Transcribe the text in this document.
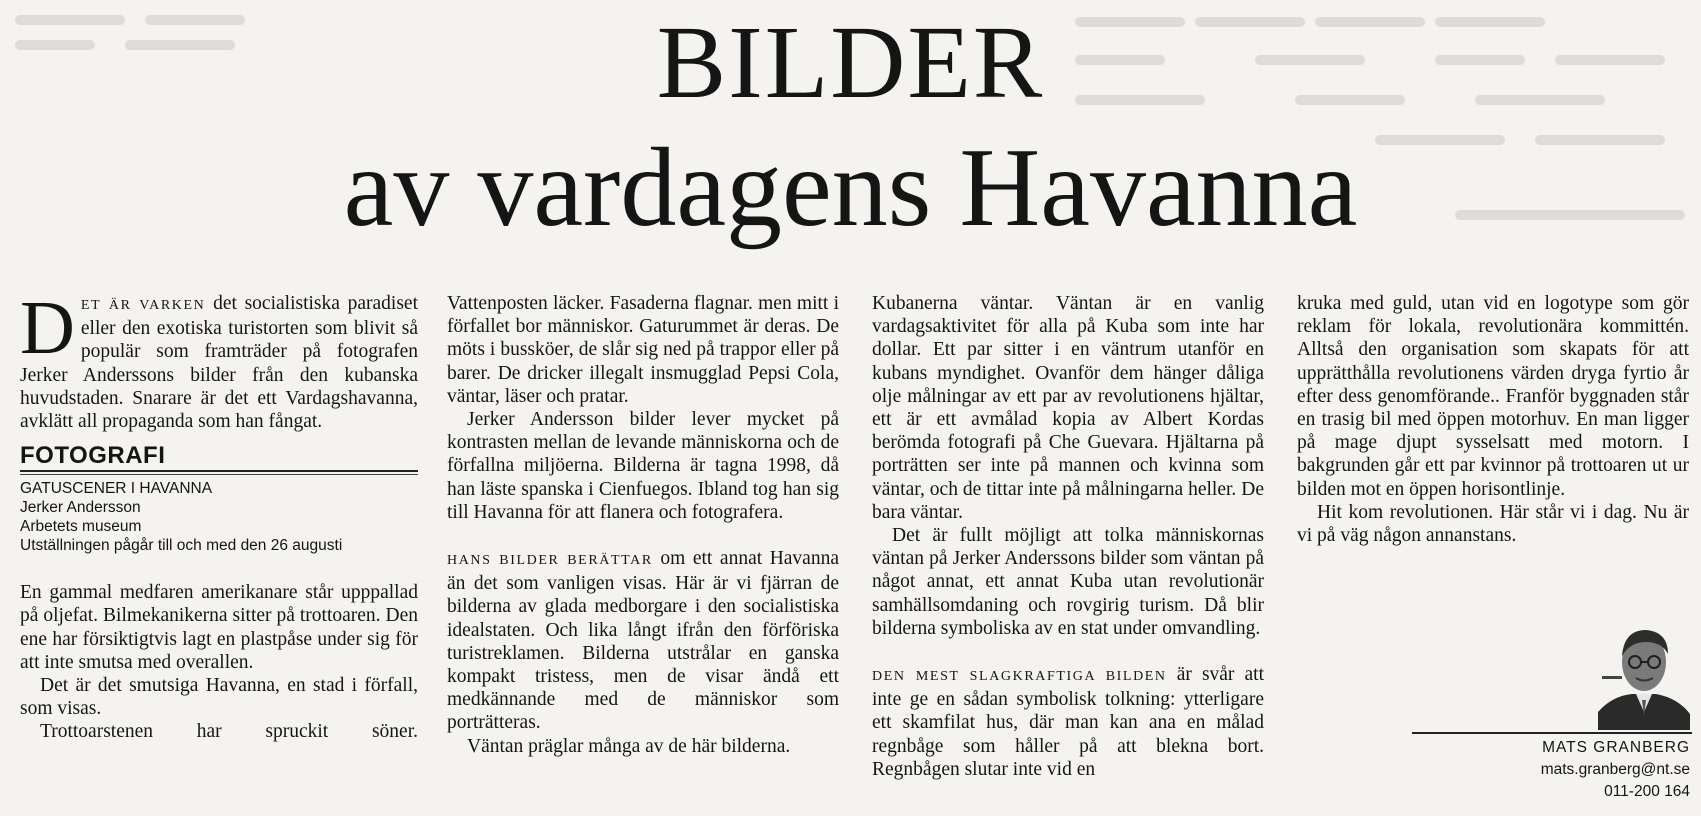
BILDER
av vardagens Havanna

DET ÄR VARKEN det socialistiska paradiset eller den exotiska turistorten som blivit så populär som framträder på fotografen Jerker Anderssons bilder från den kubanska huvudstaden. Snarare är det ett Vardagshavanna, avklätt all propaganda som han fångat.

FOTOGRAFI

GATUSCENER I HAVANNA
Jerker Andersson
Arbetets museum
Utställningen pågår till och med den 26 augusti

En gammal medfaren amerikanare står upppallad på oljefat. Bilmekanikerna sitter på trottoaren. Den ene har försiktigtvis lagt en plastpåse under sig för att inte smutsa med overallen.

Det är det smutsiga Havanna, en stad i förfall, som visas.

Trottoarstenen har spruckit söner.

Vattenposten läcker. Fasaderna flagnar. men mitt i förfallet bor människor. Gaturummet är deras. De möts i bussköer, de slår sig ned på trappor eller på barer. De dricker illegalt insmugglad Pepsi Cola, väntar, läser och pratar.

Jerker Andersson bilder lever mycket på kontrasten mellan de levande människorna och de förfallna miljöerna. Bilderna är tagna 1998, då han läste spanska i Cienfuegos. Ibland tog han sig till Havanna för att flanera och fotografera.

HANS BILDER BERÄTTAR om ett annat Havanna än det som vanligen visas. Här är vi fjärran de bilderna av glada medborgare i den socialistiska idealstaten. Och lika långt ifrån den förföriska turistreklamen. Bilderna utstrålar en ganska kompakt tristess, men de visar ändå ett medkännande med de människor som porträtteras.

Väntan präglar många av de här bilderna.

Kubanerna väntar. Väntan är en vanlig vardagsaktivitet för alla på Kuba som inte har dollar. Ett par sitter i en väntrum utanför en kubans myndighet. Ovanför dem hänger dåliga olje målningar av ett par av revolutionens hjältar, ett är ett avmålad kopia av Albert Kordas berömda fotografi på Che Guevara. Hjältarna på porträtten ser inte på mannen och kvinna som väntar, och de tittar inte på målningarna heller. De bara väntar.

Det är fullt möjligt att tolka människornas väntan på Jerker Anderssons bilder som väntan på något annat, ett annat Kuba utan revolutionär samhällsomdaning och rovgirig turism. Då blir bilderna symboliska av en stat under omvandling.

DEN MEST SLAGKRAFTIGA BILDEN är svår att inte ge en sådan symbolisk tolkning: ytterligare ett skamfilat hus, där man kan ana en målad regnbåge som håller på att blekna bort. Regnbågen slutar inte vid en

kruka med guld, utan vid en logotype som gör reklam för lokala, revolutionära kommittén. Alltså den organisation som skapats för att upprätthålla revolutionens värden dryga fyrtio år efter dess genomförande.. Franför byggnaden står en trasig bil med öppen motorhuv. En man ligger på mage djupt sysselsatt med motorn. I bakgrunden går ett par kvinnor på trottoaren ut ur bilden mot en öppen horisontlinje.

Hit kom revolutionen. Här står vi i dag. Nu är vi på väg någon annanstans.

MATS GRANBERG
mats.granberg@nt.se
011-200 164
